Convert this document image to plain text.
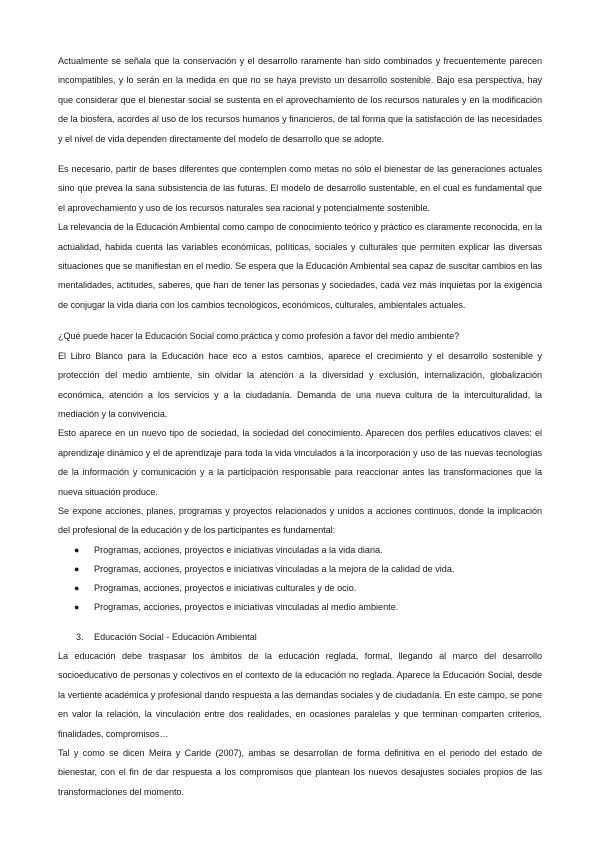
Actualmente se señala que la conservación y el desarrollo raramente han sido combinados y frecuentemente parecen incompatibles, y lo serán en la medida en que no se haya previsto un desarrollo sostenible. Bajo esa perspectiva, hay que considerar que el bienestar social se sustenta en el aprovechamiento de los recursos naturales y en la modificación de la biosfera, acordes al uso de los recursos humanos y financieros, de tal forma que la satisfacción de las necesidades y el nivel de vida dependen directamente del modelo de desarrollo que se adopte.

Es necesario, partir de bases diferentes que contemplen como metas no sólo el bienestar de las generaciones actuales sino que prevea la sana subsistencia de las futuras. El modelo de desarrollo sustentable, en el cual es fundamental que el aprovechamiento y uso de los recursos naturales sea racional y potencialmente sostenible.

La relevancia de la Educación Ambiental como campo de conocimiento teórico y práctico es claramente reconocida, en la actualidad, habida cuenta las variables económicas, políticas, sociales y culturales que permiten explicar las diversas situaciones que se manifiestan en el medio. Se espera que la Educación Ambiental sea capaz de suscitar cambios en las mentalidades, actitudes, saberes, que han de tener las personas y sociedades, cada vez más inquietas por la exigencia de conjugar la vida diaria con los cambios tecnológicos, económicos, culturales, ambientales actuales.

¿Qué puede hacer la Educación Social como práctica y como profesión a favor del medio ambiente?

El Libro Blanco para la Educación hace eco a estos cambios, aparece el crecimiento y el desarrollo sostenible y protección del medio ambiente, sin olvidar la atención a la diversidad y exclusión, internalización, globalización económica, atención a los servicios y a la ciudadanía. Demanda de una nueva cultura de la interculturalidad, la mediación y la convivencia.

Esto aparece en un nuevo tipo de sociedad, la sociedad del conocimiento. Aparecen dos perfiles educativos claves: el aprendizaje dinámico y el de aprendizaje para toda la vida vinculados a la incorporación y uso de las nuevas tecnologías de la información y comunicación y a la participación responsable para reaccionar antes las transformaciones que la nueva situación produce.

Se expone acciones, planes, programas y proyectos relacionados y unidos a acciones continuos, donde la implicación del profesional de la educación y de los participantes es fundamental:

● Programas, acciones, proyectos e iniciativas vinculadas a la vida diaria.
● Programas, acciones, proyectos e iniciativas vinculadas a la mejora de la calidad de vida.
● Programas, acciones, proyectos e iniciativas culturales y de ocio.
● Programas, acciones, proyectos e iniciativas vinculadas al medio ambiente.
3. Educación Social - Educación Ambiental

La educación debe traspasar los ámbitos de la educación reglada, formal, llegando al marco del desarrollo socioeducativo de personas y colectivos en el contexto de la educación no reglada. Aparece la Educación Social, desde la vertiente académica y profesional dando respuesta a las demandas sociales y de ciudadanía. En este campo, se pone en valor la relación, la vinculación entre dos realidades, en ocasiones paralelas y que terminan comparten criterios, finalidades, compromisos…

Tal y como se dicen Meira y Caride (2007), ambas se desarrollan de forma definitiva en el periodo del estado de bienestar, con el fin de dar respuesta a los compromisos que plantean los nuevos desajustes sociales propios de las transformaciones del momento.
